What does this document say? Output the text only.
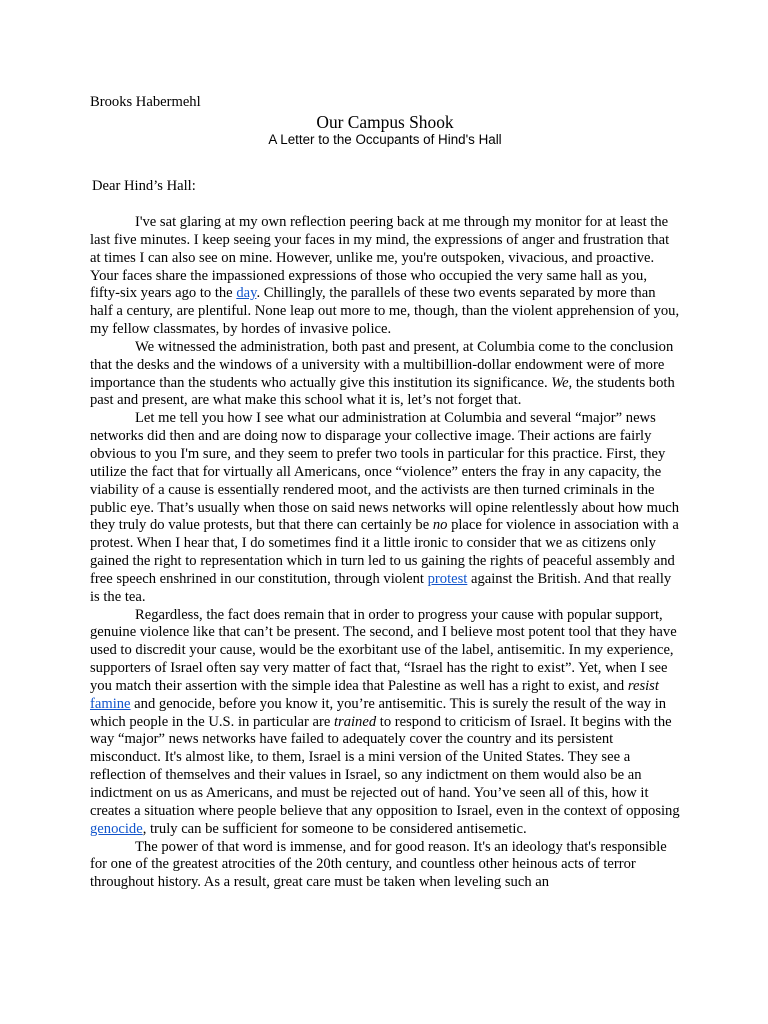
Brooks Habermehl

Our Campus Shook

A Letter to the Occupants of Hind's Hall

Dear Hind’s Hall:

I've sat glaring at my own reflection peering back at me through my monitor for at least the last five minutes. I keep seeing your faces in my mind, the expressions of anger and frustration that at times I can also see on mine. However, unlike me, you're outspoken, vivacious, and proactive. Your faces share the impassioned expressions of those who occupied the very same hall as you, fifty-six years ago to the day. Chillingly, the parallels of these two events separated by more than half a century, are plentiful. None leap out more to me, though, than the violent apprehension of you, my fellow classmates, by hordes of invasive police.

We witnessed the administration, both past and present, at Columbia come to the conclusion that the desks and the windows of a university with a multibillion-dollar endowment were of more importance than the students who actually give this institution its significance. We, the students both past and present, are what make this school what it is, let’s not forget that.

Let me tell you how I see what our administration at Columbia and several “major” news networks did then and are doing now to disparage your collective image. Their actions are fairly obvious to you I'm sure, and they seem to prefer two tools in particular for this practice. First, they utilize the fact that for virtually all Americans, once “violence” enters the fray in any capacity, the viability of a cause is essentially rendered moot, and the activists are then turned criminals in the public eye. That’s usually when those on said news networks will opine relentlessly about how much they truly do value protests, but that there can certainly be no place for violence in association with a protest. When I hear that, I do sometimes find it a little ironic to consider that we as citizens only gained the right to representation which in turn led to us gaining the rights of peaceful assembly and free speech enshrined in our constitution, through violent protest against the British. And that really is the tea.

Regardless, the fact does remain that in order to progress your cause with popular support, genuine violence like that can’t be present. The second, and I believe most potent tool that they have used to discredit your cause, would be the exorbitant use of the label, antisemitic. In my experience, supporters of Israel often say very matter of fact that, “Israel has the right to exist”. Yet, when I see you match their assertion with the simple idea that Palestine as well has a right to exist, and resist famine and genocide, before you know it, you’re antisemitic. This is surely the result of the way in which people in the U.S. in particular are trained to respond to criticism of Israel. It begins with the way “major” news networks have failed to adequately cover the country and its persistent misconduct. It's almost like, to them, Israel is a mini version of the United States. They see a reflection of themselves and their values in Israel, so any indictment on them would also be an indictment on us as Americans, and must be rejected out of hand. You’ve seen all of this, how it creates a situation where people believe that any opposition to Israel, even in the context of opposing genocide, truly can be sufficient for someone to be considered antisemetic.

The power of that word is immense, and for good reason. It's an ideology that's responsible for one of the greatest atrocities of the 20th century, and countless other heinous acts of terror throughout history. As a result, great care must be taken when leveling such an
